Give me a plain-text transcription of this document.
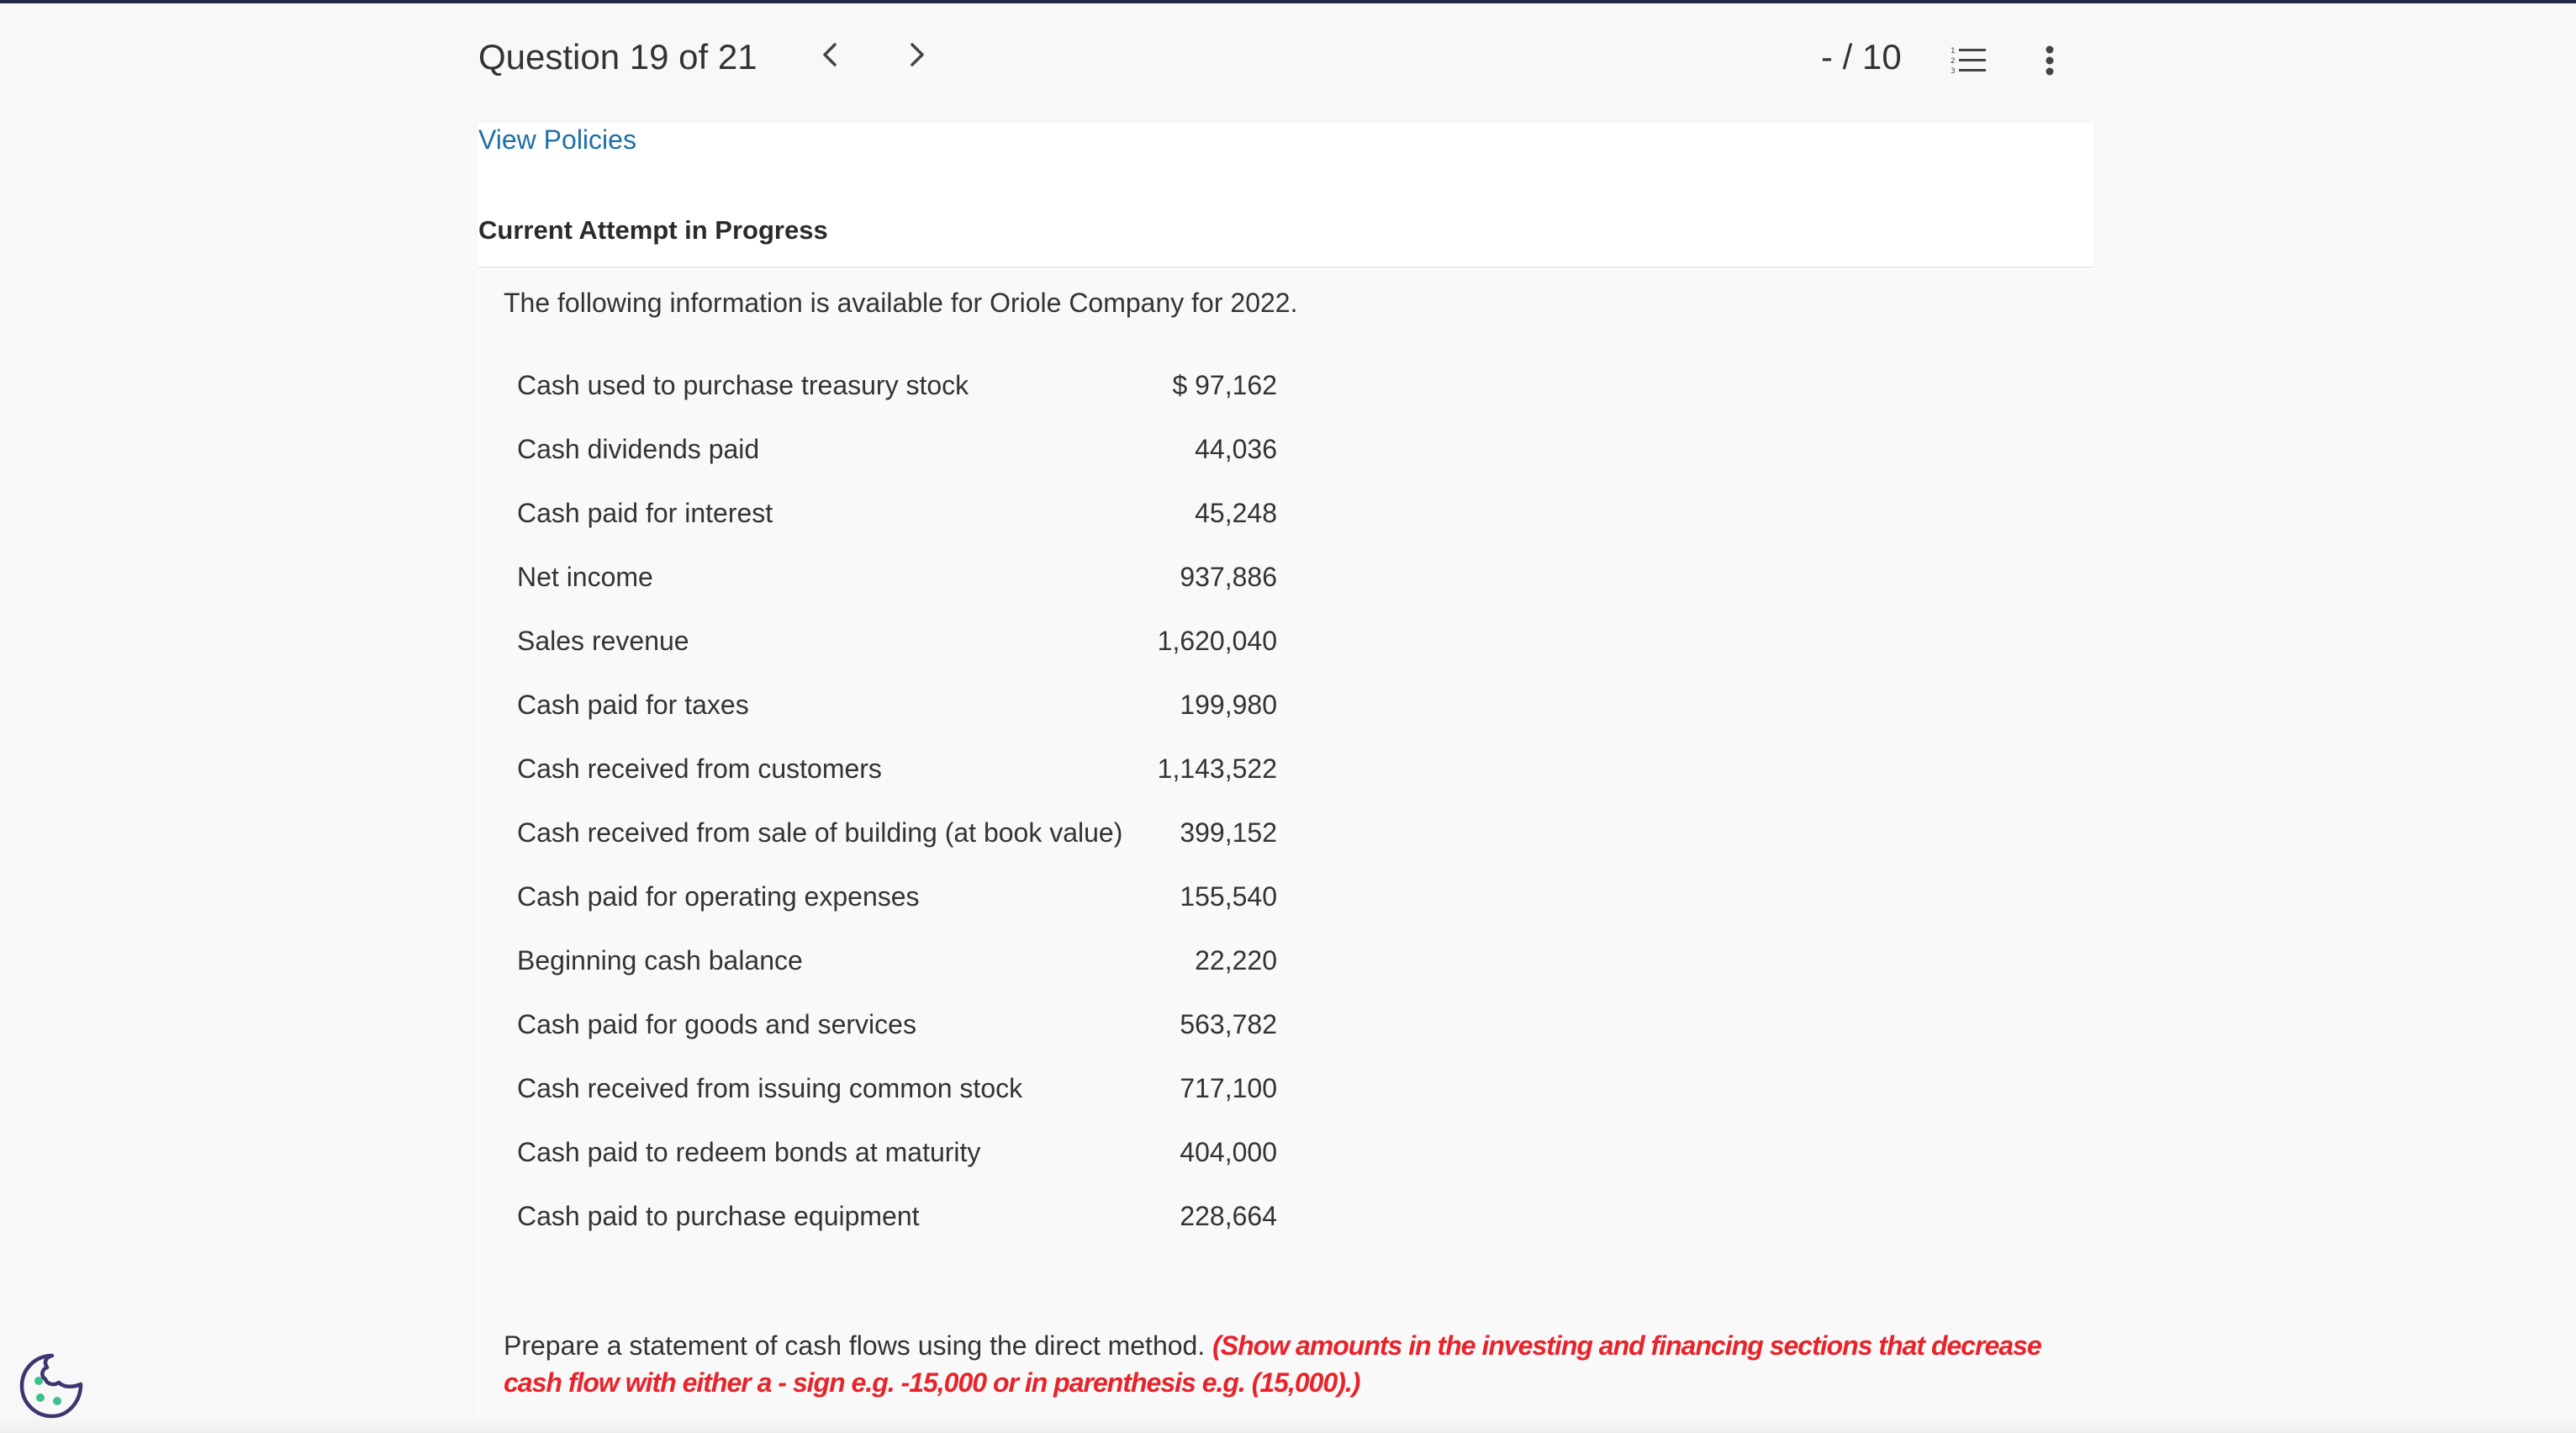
Question 19 of 21	- / 10	1
2
3
View Policies
Current Attempt in Progress
The following information is available for Oriole Company for 2022.
Cash used to purchase treasury stock	$ 97,162
Cash dividends paid	44,036
Cash paid for interest	45,248
Net income	937,886
Sales revenue	1,620,040
Cash paid for taxes	199,980
Cash received from customers	1,143,522
Cash received from sale of building (at book value) 399,152
Cash paid for operating expenses	155,540
Beginning cash balance	22,220
Cash paid for goods and services	563,782
Cash received from issuing common stock	717,100
Cash paid to redeem bonds at maturity	404,000
Cash paid to purchase equipment	228,664
Prepare a statement of cash flows using the direct method. (Show amounts in the investing and financing sections that decrease cash flow with either a - sign e.g. -15,000 or in parenthesis e.g. (15,000).)
